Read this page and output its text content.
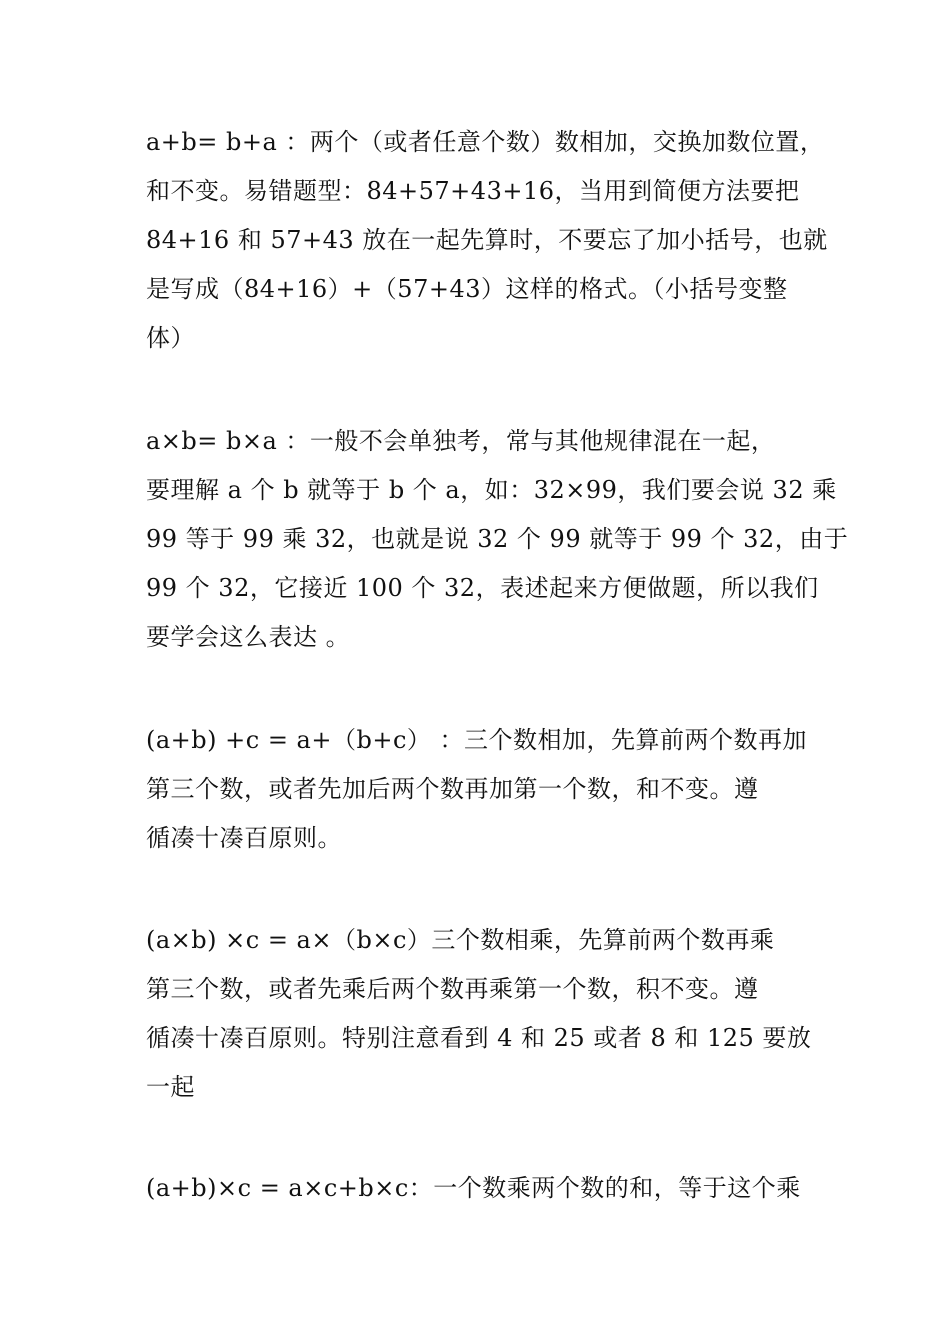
a+b= b+a ：两个（或者任意个数）数相加，交换加数位置，
和不变。易错题型：84+57+43+16，当用到简便方法要把
84+16 和 57+43 放在一起先算时，不要忘了加小括号，也就
是写成（84+16）+（57+43）这样的格式。（小括号变整
体）
a×b= b×a ：一般不会单独考，常与其他规律混在一起，
要理解 a 个 b 就等于 b 个 a，如：32×99，我们要会说 32 乘
99 等于 99 乘 32，也就是说 32 个 99 就等于 99 个 32，由于
99 个 32，它接近 100 个 32，表述起来方便做题，所以我们
要学会这么表达 。
(a+b) +c = a+（b+c） ：三个数相加，先算前两个数再加
第三个数，或者先加后两个数再加第一个数，和不变。遵
循凑十凑百原则。
(a×b) ×c = a×（b×c）三个数相乘，先算前两个数再乘
第三个数，或者先乘后两个数再乘第一个数，积不变。遵
循凑十凑百原则。特别注意看到 4 和 25 或者 8 和 125 要放
一起
(a+b)×c = a×c+b×c：一个数乘两个数的和，等于这个乘
